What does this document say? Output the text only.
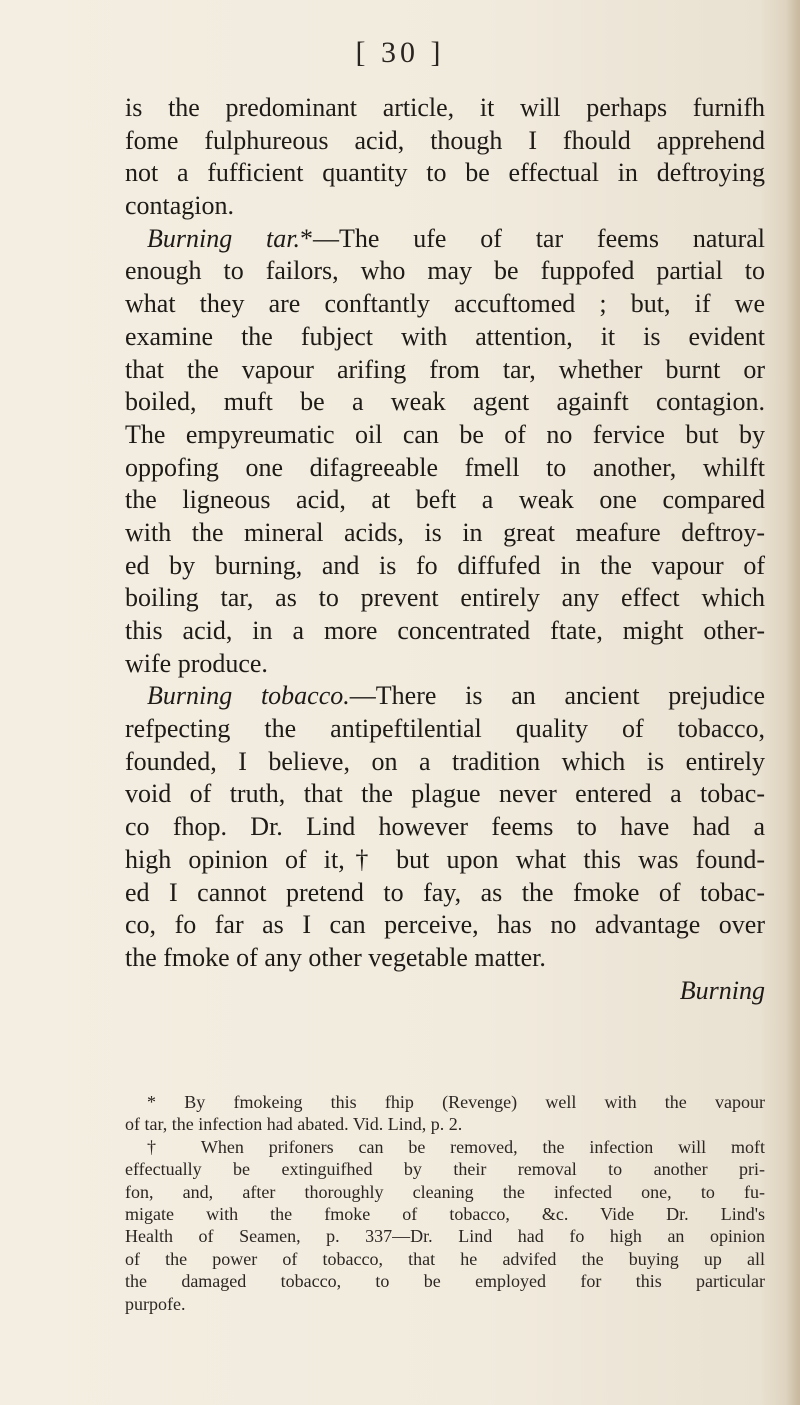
[ 30 ]
is the predominant article, it will perhaps furnifh
fome fulphureous acid, though I fhould apprehend
not a fufficient quantity to be effectual in deftroying
contagion.
Burning tar.*—The ufe of tar feems natural
enough to failors, who may be fuppofed partial to
what they are conftantly accuftomed ; but, if we
examine the fubject with attention, it is evident
that the vapour arifing from tar, whether burnt or
boiled, muft be a weak agent againft contagion.
The empyreumatic oil can be of no fervice but by
oppofing one difagreeable fmell to another, whilft
the ligneous acid, at beft a weak one compared
with the mineral acids, is in great meafure deftroy-
ed by burning, and is fo diffufed in the vapour of
boiling tar, as to prevent entirely any effect which
this acid, in a more concentrated ftate, might other-
wife produce.
Burning tobacco.—There is an ancient prejudice
refpecting the antipeftilential quality of tobacco,
founded, I believe, on a tradition which is entirely
void of truth, that the plague never entered a tobac-
co fhop. Dr. Lind however feems to have had a
high opinion of it,† but upon what this was found-
ed I cannot pretend to fay, as the fmoke of tobac-
co, fo far as I can perceive, has no advantage over
the fmoke of any other vegetable matter.
Burning
* By fmokeing this fhip (Revenge) well with the vapour
of tar, the infection had abated. Vid. Lind, p. 2.
† When prifoners can be removed, the infection will moft
effectually be extinguifhed by their removal to another pri-
fon, and, after thoroughly cleaning the infected one, to fu-
migate with the fmoke of tobacco, &c. Vide Dr. Lind's
Health of Seamen, p. 337—Dr. Lind had fo high an opinion
of the power of tobacco, that he advifed the buying up all
the damaged tobacco, to be employed for this particular
purpofe.
